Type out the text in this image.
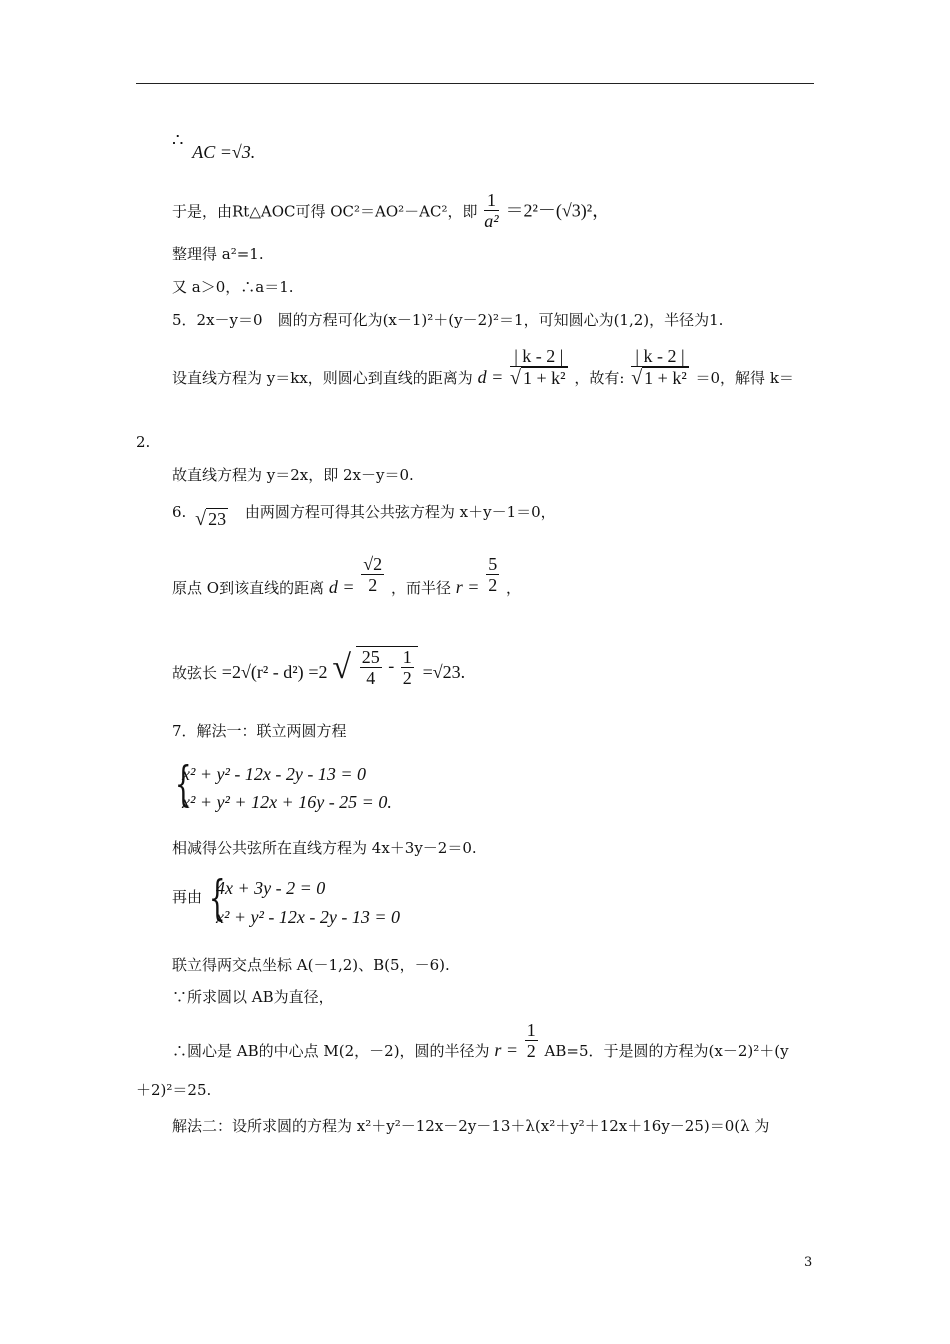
∴ AC =√3.
于是，由Rt△AOC可得 OC²＝AO²－AC²，即 $\frac{1}{\text{a²}} =2^2-(√3)^2$，
整理得 a²=1.
又 a＞0，∴a＝1.
5．2x－y＝0　圆的方程可化为(x－1)²＋(y－2)²＝1，可知圆心为(1,2)，半径为1.
设直线方程为 y＝kx，则圆心到直线的距离为 $d = \frac{| k - 2 |}{\text{√ 1 + k²}}$ ，故有: $\frac{| k - 2 |}{\text{√ 1 + k²}} =0$，解得 k＝
2.
故直线方程为 y＝2x，即 2x－y＝0.
6. √ 23 由两圆方程可得其公共弦方程为 x＋y－1＝0，
原点 O到该直线的距离 $d = \frac{√2}{2}$ ，而半径 $r = \frac{5}{2}$ ，
故弦长 =2√(r² - d²) =2 √ $\frac{25}{4} - \frac{1}{2} =√23$.
7．解法一：联立两圆方程
{
x² + y² - 12x - 2y - 13 = 0
x² + y² + 12x + 16y - 25 = 0.
相减得公共弦所在直线方程为 4x＋3y－2＝0.
再由 {
4x + 3y - 2 = 0
x² + y² - 12x - 2y - 13 = 0
联立得两交点坐标 A(－1,2)、B(5，－6).
∵所求圆以 AB为直径，
∴圆心是 AB的中心点 M(2，－2)，圆的半径为 $r = \frac{1}{2} AB=5$．于是圆的方程为(x－2)²＋(y
＋2)²＝25.
解法二：设所求圆的方程为 x²＋y²－12x－2y－13＋λ(x²＋y²＋12x＋16y－25)＝0(λ 为
3
